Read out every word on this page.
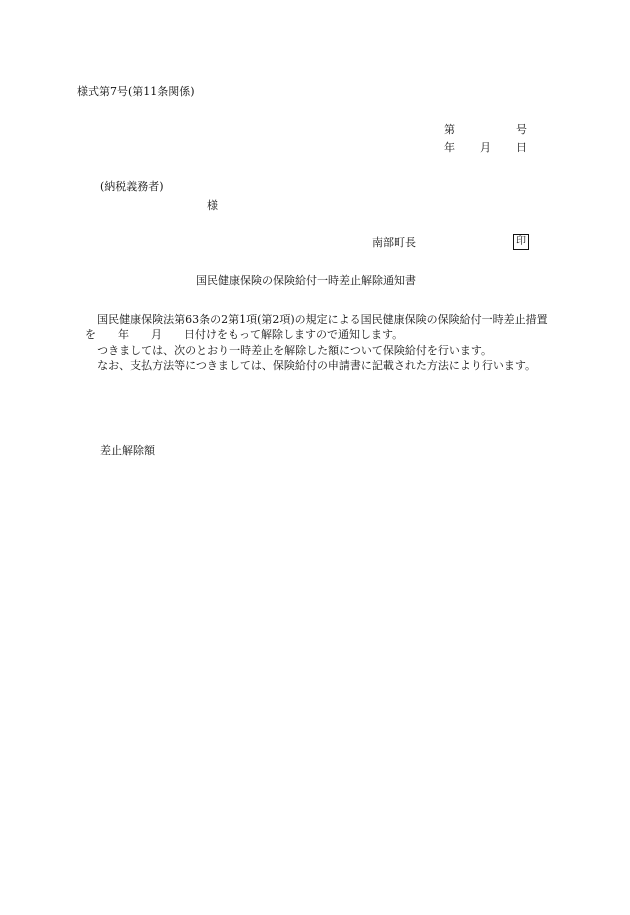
様式第7号(第11条関係)
第	号
年 月 日
(納税義務者)
様
南部町長	印
国民健康保険の保険給付一時差止解除通知書

国民健康保険法第63条の2第1項(第2項)の規定による国民健康保険の保険給付一時差止措置を 年 月 日付けをもって解除しますので通知します。

つきましては、次のとおり一時差止を解除した額について保険給付を行います。

なお、支払方法等につきましては、保険給付の申請書に記載された方法により行います。

差止解除額
